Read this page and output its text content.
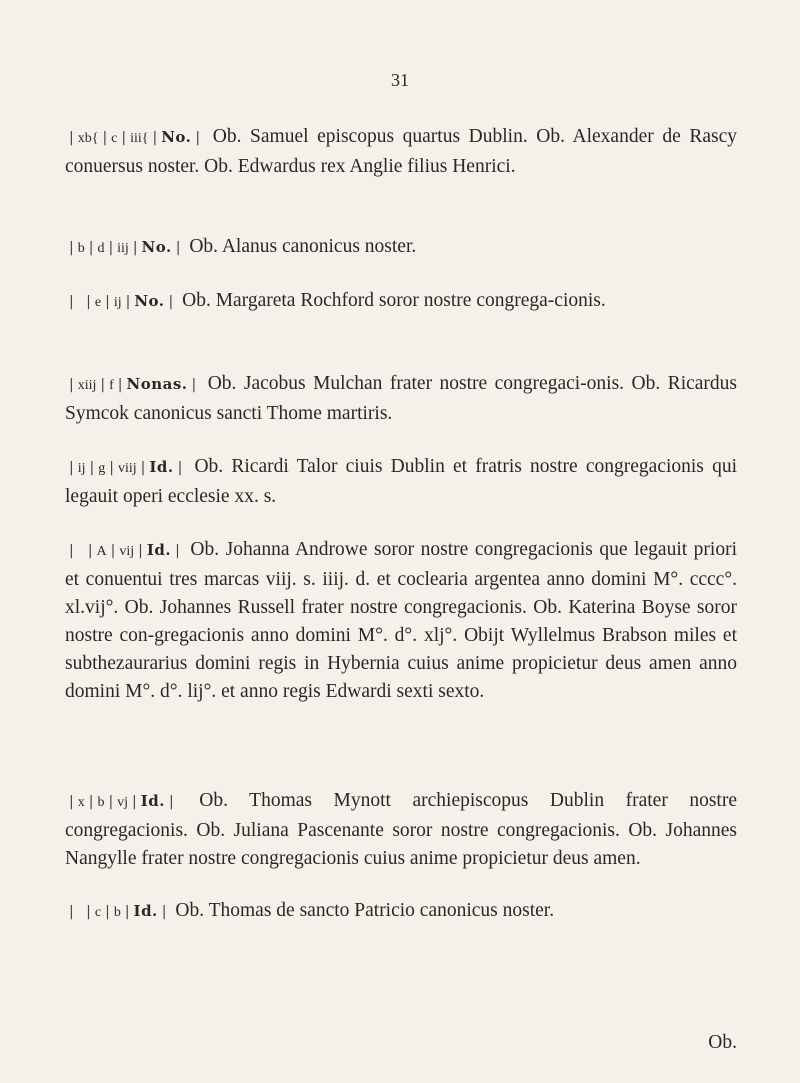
31

| xb{ | c | iii{ | No. | Ob. Samuel episcopus quartus Dublin. Ob. Alexander de Rascy conuersus noster. Ob. Edwardus rex Anglie filius Henrici.

| b | d | iij | No. | Ob. Alanus canonicus noster.

| | e | ij | No. | Ob. Margareta Rochford soror nostre congrega-cionis.

| xiij | f | Nonas. | Ob. Jacobus Mulchan frater nostre congregaci-onis. Ob. Ricardus Symcok canonicus sancti Thome martiris.

| ij | g | viij | Id. | Ob. Ricardi Talor ciuis Dublin et fratris nostre congregacionis qui legauit operi ecclesie xx. s.

| | A | vij | Id. | Ob. Johanna Androwe soror nostre congregacionis que legauit priori et conuentui tres marcas viij. s. iiij. d. et coclearia argentea anno domini M°. cccc°. xl.vij°. Ob. Johannes Russell frater nostre congregacionis. Ob. Katerina Boyse soror nostre con-gregacionis anno domini M°. d°. xlj°. Obijt Wyllelmus Brabson miles et subthezaurarius domini regis in Hybernia cuius anime propicietur deus amen anno domini M°. d°. lij°. et anno regis Edwardi sexti sexto.

| x | b | vj | Id. | Ob. Thomas Mynott archiepiscopus Dublin frater nostre congregacionis. Ob. Juliana Pascenante soror nostre congregacionis. Ob. Johannes Nangylle frater nostre congregacionis cuius anime propicietur deus amen.

| | c | b | Id. | Ob. Thomas de sancto Patricio canonicus noster.

Ob.
